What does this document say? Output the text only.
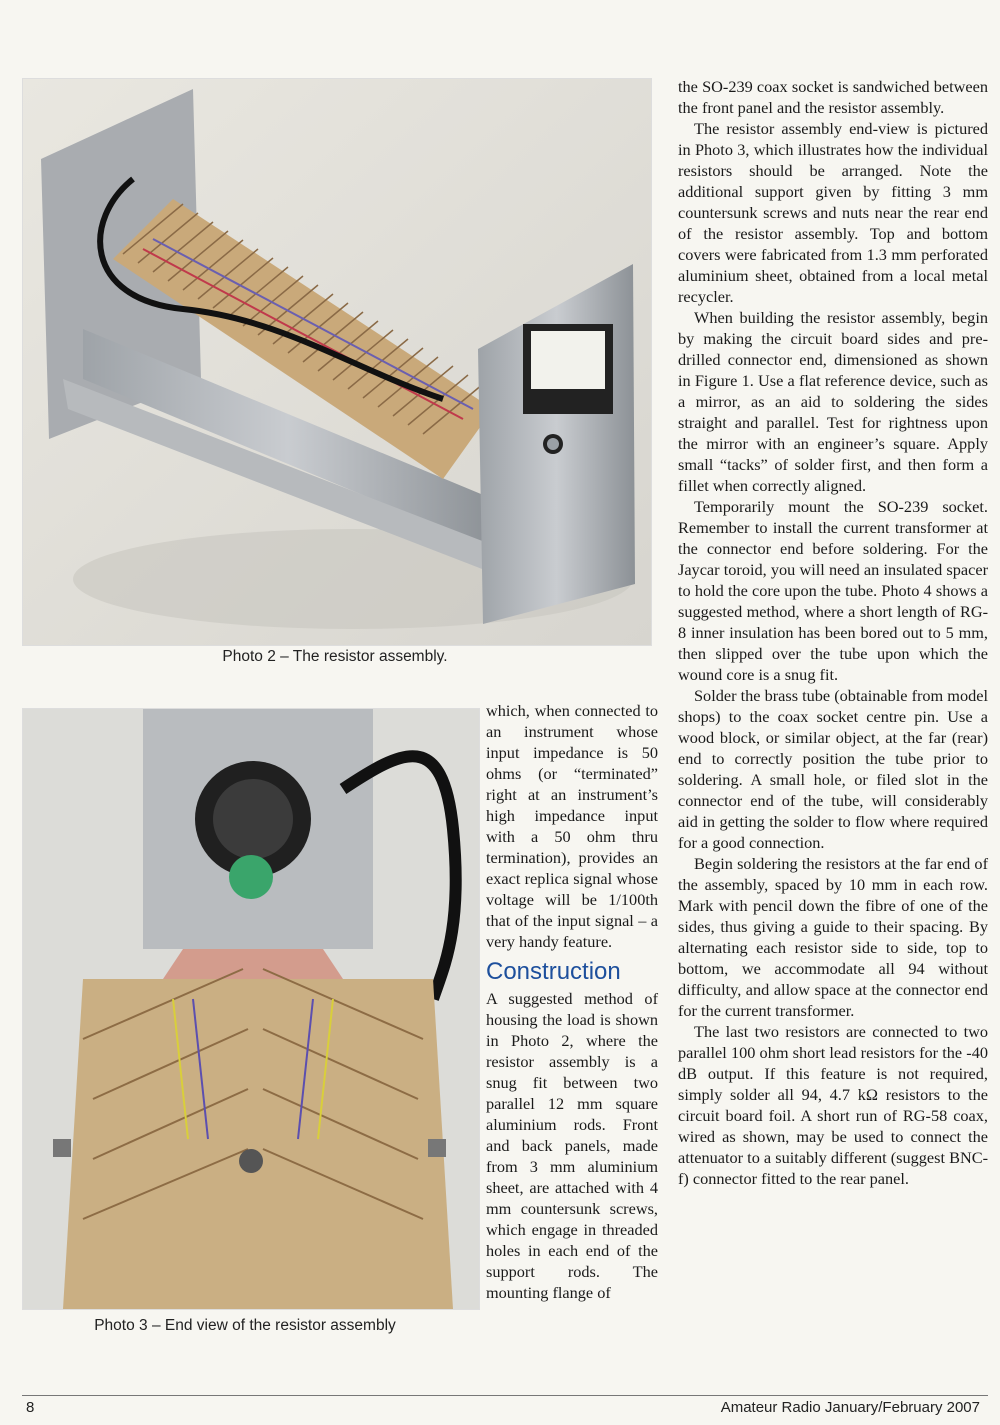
Photo 2 – The resistor assembly.
Photo 3 – End view of the resistor assembly

which, when connected to an instrument whose input impedance is 50 ohms (or “terminated” right at an instrument’s high impedance input with a 50 ohm thru termination), provides an exact replica signal whose voltage will be 1/100th that of the input signal – a very handy feature.

Construction

A suggested method of housing the load is shown in Photo 2, where the resistor assembly is a snug fit between two parallel 12 mm square aluminium rods. Front and back panels, made from 3 mm aluminium sheet, are attached with 4 mm countersunk screws, which engage in threaded holes in each end of the support rods. The mounting flange of

the SO-239 coax socket is sandwiched between the front panel and the resistor assembly.

The resistor assembly end-view is pictured in Photo 3, which illustrates how the individual resistors should be arranged. Note the additional support given by fitting 3 mm countersunk screws and nuts near the rear end of the resistor assembly. Top and bottom covers were fabricated from 1.3 mm perforated aluminium sheet, obtained from a local metal recycler.

When building the resistor assembly, begin by making the circuit board sides and pre-drilled connector end, dimensioned as shown in Figure 1. Use a flat reference device, such as a mirror, as an aid to soldering the sides straight and parallel. Test for rightness upon the mirror with an engineer’s square. Apply small “tacks” of solder first, and then form a fillet when correctly aligned.

Temporarily mount the SO-239 socket. Remember to install the current transformer at the connector end before soldering. For the Jaycar toroid, you will need an insulated spacer to hold the core upon the tube. Photo 4 shows a suggested method, where a short length of RG-8 inner insulation has been bored out to 5 mm, then slipped over the tube upon which the wound core is a snug fit.

Solder the brass tube (obtainable from model shops) to the coax socket centre pin. Use a wood block, or similar object, at the far (rear) end to correctly position the tube prior to soldering. A small hole, or filed slot in the connector end of the tube, will considerably aid in getting the solder to flow where required for a good connection.

Begin soldering the resistors at the far end of the assembly, spaced by 10 mm in each row. Mark with pencil down the fibre of one of the sides, thus giving a guide to their spacing. By alternating each resistor side to side, top to bottom, we accommodate all 94 without difficulty, and allow space at the connector end for the current transformer.

The last two resistors are connected to two parallel 100 ohm short lead resistors for the -40 dB output. If this feature is not required, simply solder all 94, 4.7 kΩ resistors to the circuit board foil. A short run of RG-58 coax, wired as shown, may be used to connect the attenuator to a suitably different (suggest BNC-f) connector fitted to the rear panel.

8	Amateur Radio January/February 2007
